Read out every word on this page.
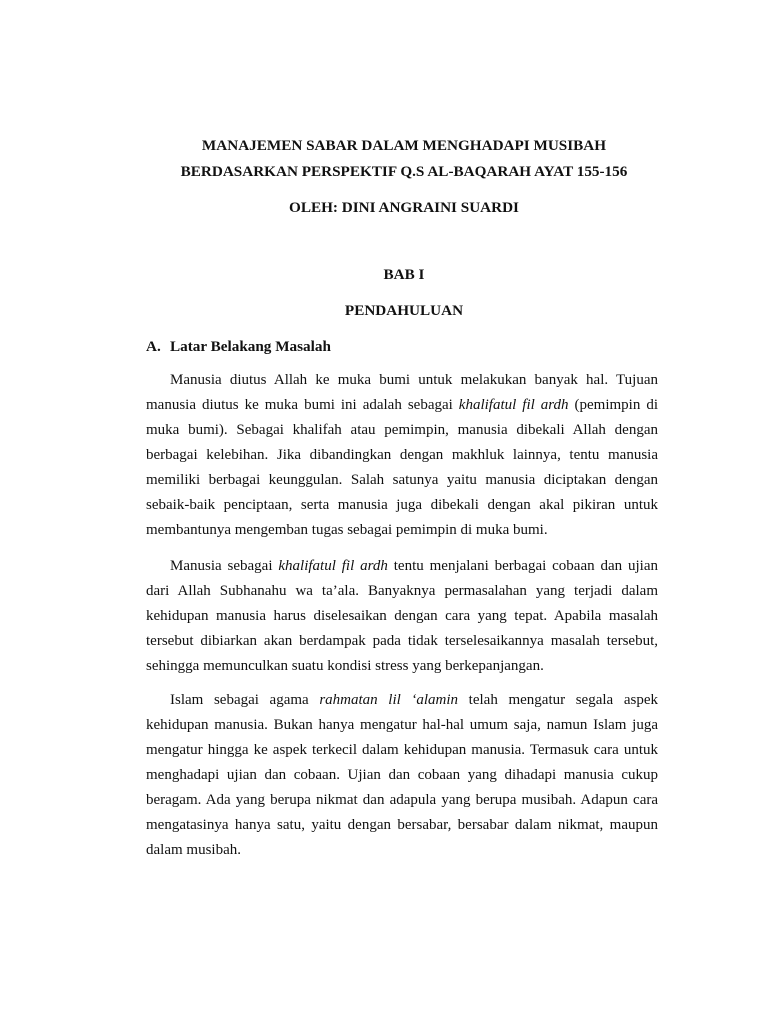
MANAJEMEN SABAR DALAM MENGHADAPI MUSIBAH
BERDASARKAN PERSPEKTIF Q.S AL-BAQARAH AYAT 155-156
OLEH: DINI ANGRAINI SUARDI
BAB I
PENDAHULUAN
A. Latar Belakang Masalah

Manusia diutus Allah ke muka bumi untuk melakukan banyak hal. Tujuan manusia diutus ke muka bumi ini adalah sebagai khalifatul fil ardh (pemimpin di muka bumi). Sebagai khalifah atau pemimpin, manusia dibekali Allah dengan berbagai kelebihan. Jika dibandingkan dengan makhluk lainnya, tentu manusia memiliki berbagai keunggulan. Salah satunya yaitu manusia diciptakan dengan sebaik-baik penciptaan, serta manusia juga dibekali dengan akal pikiran untuk membantunya mengemban tugas sebagai pemimpin di muka bumi.

Manusia sebagai khalifatul fil ardh tentu menjalani berbagai cobaan dan ujian dari Allah Subhanahu wa ta’ala. Banyaknya permasalahan yang terjadi dalam kehidupan manusia harus diselesaikan dengan cara yang tepat. Apabila masalah tersebut dibiarkan akan berdampak pada tidak terselesaikannya masalah tersebut, sehingga memunculkan suatu kondisi stress yang berkepanjangan.

Islam sebagai agama rahmatan lil ‘alamin telah mengatur segala aspek kehidupan manusia. Bukan hanya mengatur hal-hal umum saja, namun Islam juga mengatur hingga ke aspek terkecil dalam kehidupan manusia. Termasuk cara untuk menghadapi ujian dan cobaan. Ujian dan cobaan yang dihadapi manusia cukup beragam. Ada yang berupa nikmat dan adapula yang berupa musibah. Adapun cara mengatasinya hanya satu, yaitu dengan bersabar, bersabar dalam nikmat, maupun dalam musibah.
